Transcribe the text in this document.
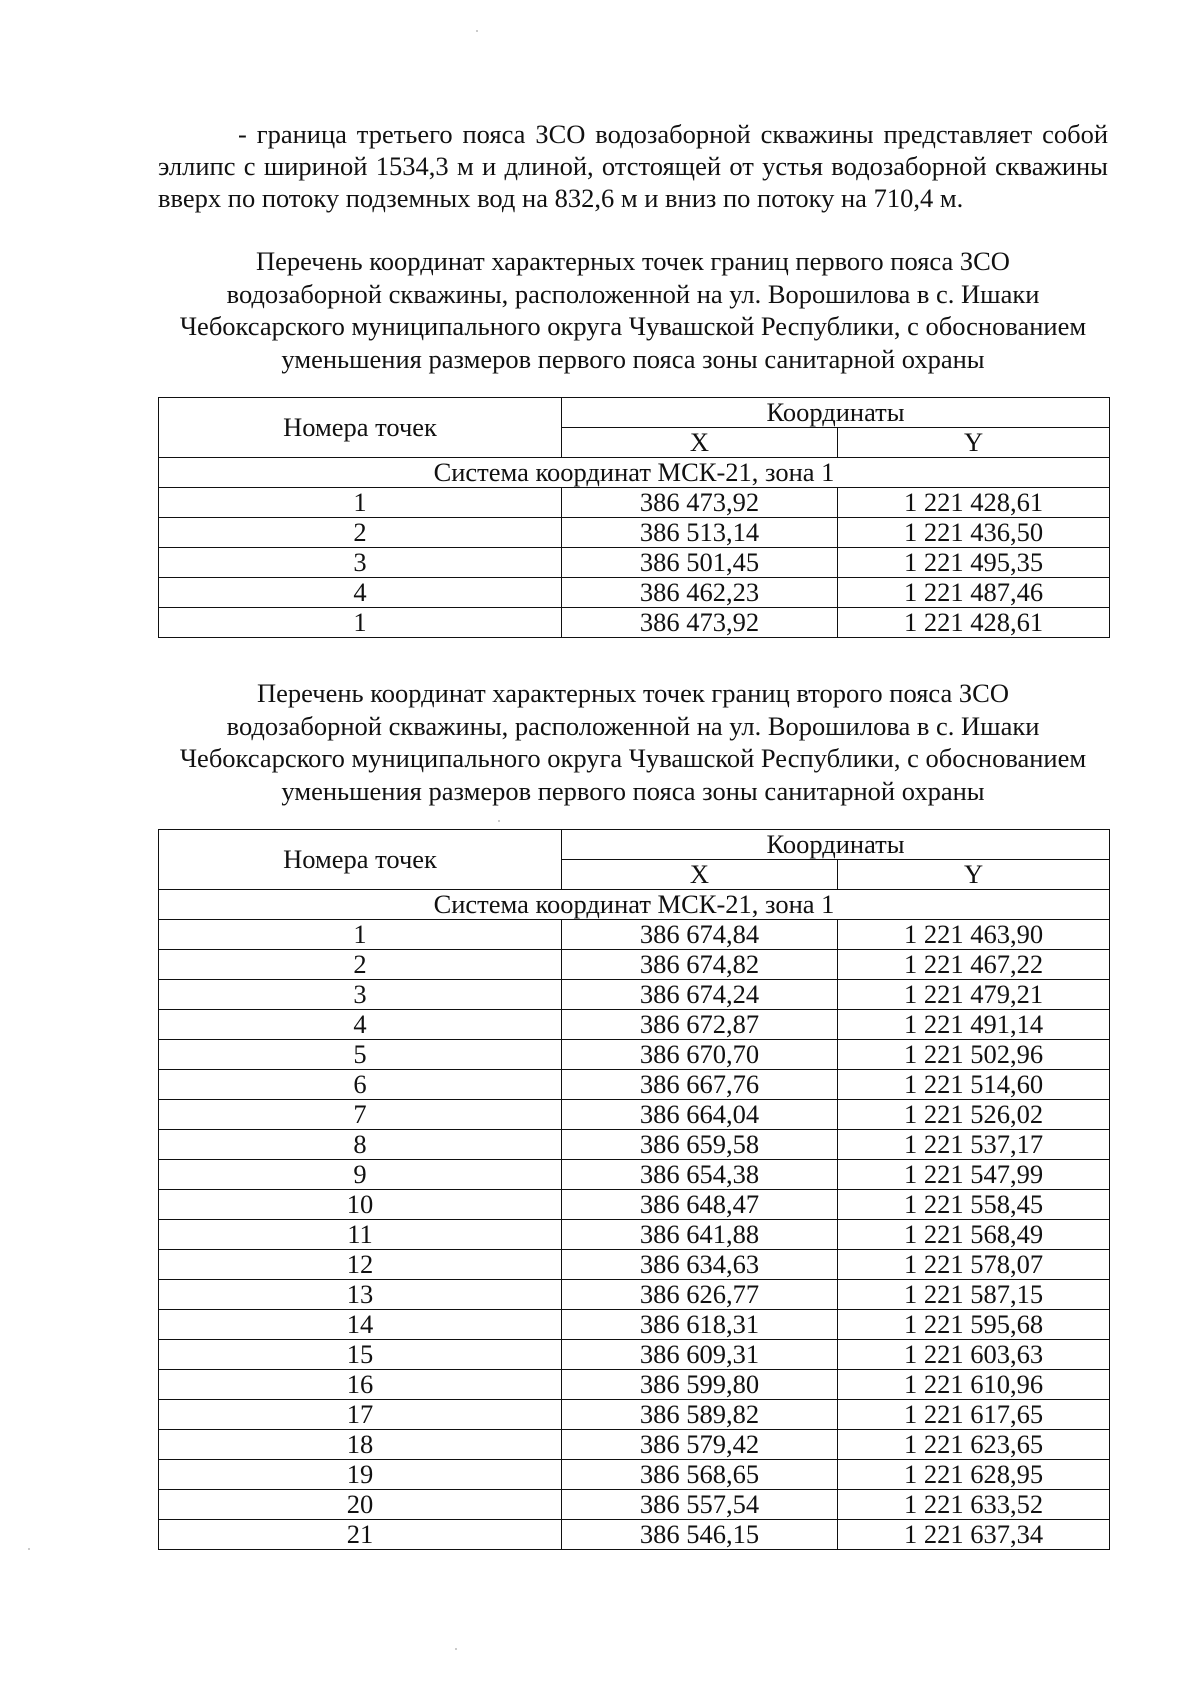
- граница третьего пояса ЗСО водозаборной скважины представляет собой
эллипс с шириной 1534,3 м и длиной, отстоящей от устья водозаборной скважины
вверх по потоку подземных вод на 832,6 м и вниз по потоку на 710,4 м.
Перечень координат характерных точек границ первого пояса ЗСО
водозаборной скважины, расположенной на ул. Ворошилова в с. Ишаки
Чебоксарского муниципального округа Чувашской Республики, с обоснованием
уменьшения размеров первого пояса зоны санитарной охраны
Номера точек	Координаты	
	X	Y
Система координат МСК-21, зона 1		
1	386 473,92	1 221 428,61
2	386 513,14	1 221 436,50
3	386 501,45	1 221 495,35
4	386 462,23	1 221 487,46
1	386 473,92	1 221 428,61
Перечень координат характерных точек границ второго пояса ЗСО
водозаборной скважины, расположенной на ул. Ворошилова в с. Ишаки
Чебоксарского муниципального округа Чувашской Республики, с обоснованием
уменьшения размеров первого пояса зоны санитарной охраны
Номера точек	Координаты	
	X	Y
Система координат МСК-21, зона 1		
1	386 674,84	1 221 463,90
2	386 674,82	1 221 467,22
3	386 674,24	1 221 479,21
4	386 672,87	1 221 491,14
5	386 670,70	1 221 502,96
6	386 667,76	1 221 514,60
7	386 664,04	1 221 526,02
8	386 659,58	1 221 537,17
9	386 654,38	1 221 547,99
10	386 648,47	1 221 558,45
11	386 641,88	1 221 568,49
12	386 634,63	1 221 578,07
13	386 626,77	1 221 587,15
14	386 618,31	1 221 595,68
15	386 609,31	1 221 603,63
16	386 599,80	1 221 610,96
17	386 589,82	1 221 617,65
18	386 579,42	1 221 623,65
19	386 568,65	1 221 628,95
20	386 557,54	1 221 633,52
21	386 546,15	1 221 637,34
